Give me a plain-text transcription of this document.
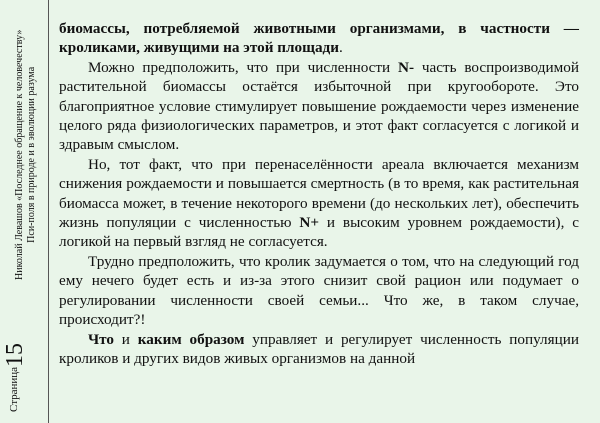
Страница
15
Николай Левашов «Последнее обращение к человечеству» Пси-поля в природе и в эволюции разума

биомассы, потребляемой животными организмами, в частности — кроликами, живущими на этой площади.

Можно предположить, что при численности N- часть воспроизводимой растительной биомассы остаётся избыточной при кругообороте. Это благоприятное условие стимулирует повышение рождаемости через изменение целого ряда физиологических параметров, и этот факт согласуется с логикой и здравым смыслом.

Но, тот факт, что при перенаселённости ареала включается механизм снижения рождаемости и повышается смертность (в то время, как растительная биомасса может, в течение некоторого времени (до нескольких лет), обеспечить жизнь популяции с численностью N+ и высоким уровнем рождаемости), с логикой на первый взгляд не согласуется.

Трудно предположить, что кролик задумается о том, что на следующий год ему нечего будет есть и из-за этого снизит свой рацион или подумает о регулировании численности своей семьи... Что же, в таком случае, происходит?!

Что и каким образом управляет и регулирует численность популяции кроликов и других видов живых организмов на данной
